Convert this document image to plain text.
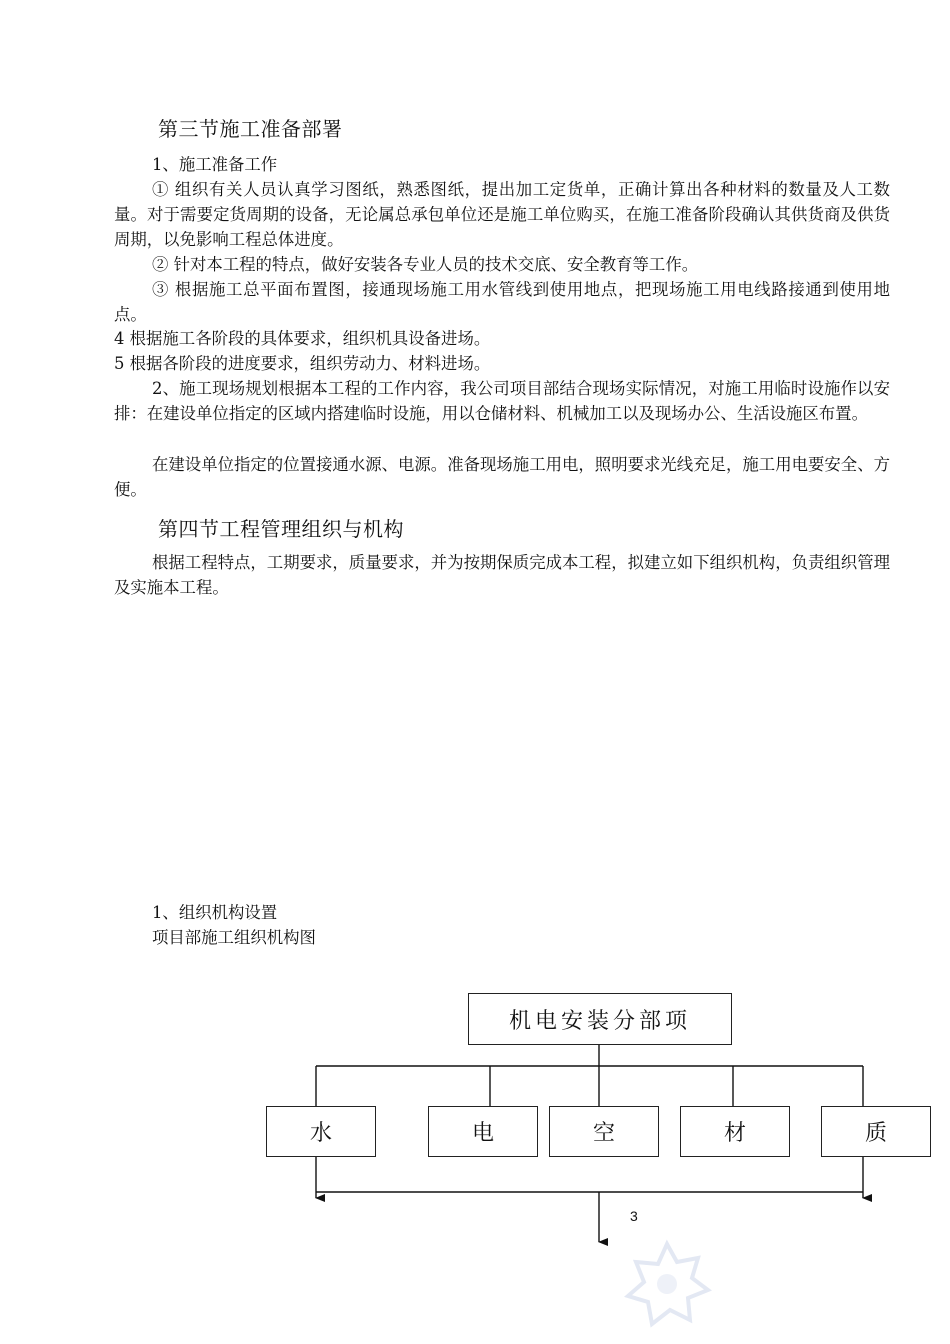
第三节施工准备部署
1、施工准备工作
① 组织有关人员认真学习图纸，熟悉图纸，提出加工定货单，正确计算出各种材料的数量及人工数量。对于需要定货周期的设备，无论属总承包单位还是施工单位购买，在施工准备阶段确认其供货商及供货周期，以免影响工程总体进度。
② 针对本工程的特点，做好安装各专业人员的技术交底、安全教育等工作。
③ 根据施工总平面布置图，接通现场施工用水管线到使用地点，把现场施工用电线路接通到使用地点。
4 根据施工各阶段的具体要求，组织机具设备进场。
5 根据各阶段的进度要求，组织劳动力、材料进场。
2、施工现场规划根据本工程的工作内容，我公司项目部结合现场实际情况，对施工用临时设施作以安排：在建设单位指定的区域内搭建临时设施，用以仓储材料、机械加工以及现场办公、生活设施区布置。
在建设单位指定的位置接通水源、电源。准备现场施工用电，照明要求光线充足，施工用电要安全、方便。
第四节工程管理组织与机构
根据工程特点，工期要求，质量要求，并为按期保质完成本工程，拟建立如下组织机构，负责组织管理及实施本工程。
1、组织机构设置
项目部施工组织机构图
机电安装分部项
水	电	空	材	质
3
